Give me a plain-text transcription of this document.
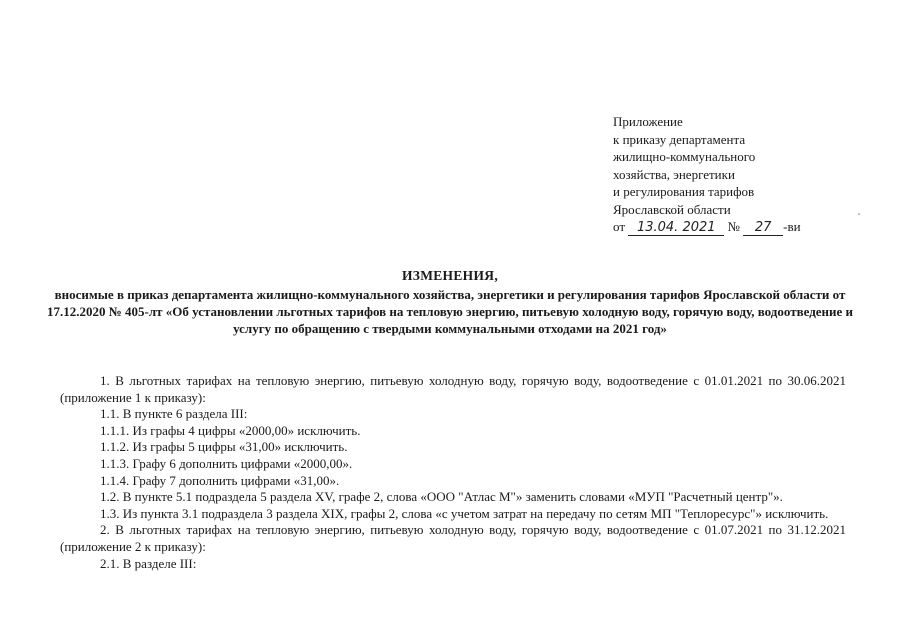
Приложение
к приказу департамента
жилищно-коммунального
хозяйства, энергетики
и регулирования тарифов
Ярославской области
от 13.04. 2021 № 27 -ви
ИЗМЕНЕНИЯ,
вносимые в приказ департамента жилищно-коммунального хозяйства, энергетики и регулирования тарифов Ярославской области от 17.12.2020 № 405-лт «Об установлении льготных тарифов на тепловую энергию, питьевую холодную воду, горячую воду, водоотведение и услугу по обращению с твердыми коммунальными отходами на 2021 год»

1. В льготных тарифах на тепловую энергию, питьевую холодную воду, горячую воду, водоотведение с 01.01.2021 по 30.06.2021 (приложение 1 к приказу):

1.1. В пункте 6 раздела III:

1.1.1. Из графы 4 цифры «2000,00» исключить.

1.1.2. Из графы 5 цифры «31,00» исключить.

1.1.3. Графу 6 дополнить цифрами «2000,00».

1.1.4. Графу 7 дополнить цифрами «31,00».

1.2. В пункте 5.1 подраздела 5 раздела XV, графе 2, слова «ООО "Атлас М"» заменить словами «МУП "Расчетный центр"».

1.3. Из пункта 3.1 подраздела 3 раздела XIX, графы 2, слова «с учетом затрат на передачу по сетям МП "Теплоресурс"» исключить.

2. В льготных тарифах на тепловую энергию, питьевую холодную воду, горячую воду, водоотведение с 01.07.2021 по 31.12.2021 (приложение 2 к приказу):

2.1. В разделе III:
